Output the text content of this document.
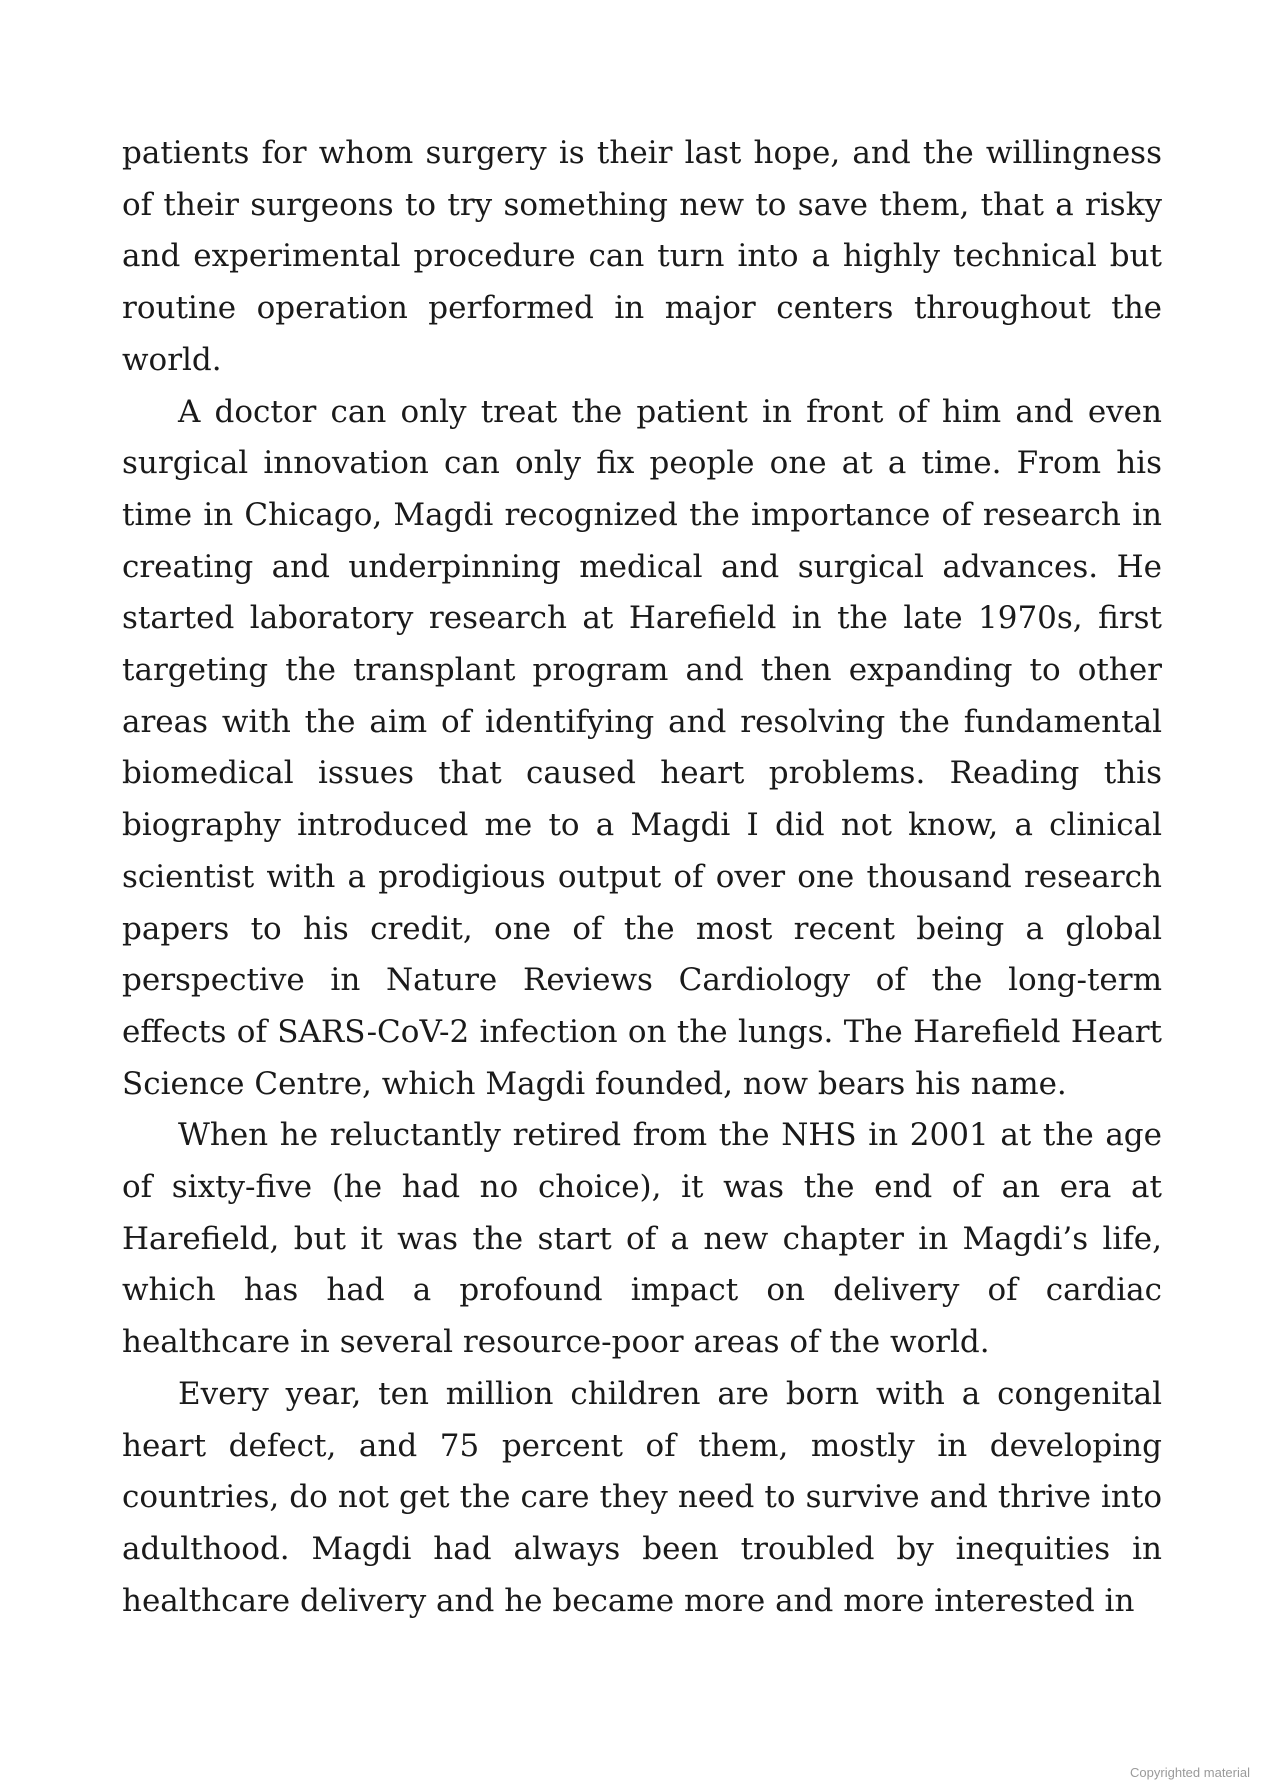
patients for whom surgery is their last hope, and the willingness of their surgeons to try something new to save them, that a risky and experimental procedure can turn into a highly technical but routine operation performed in major centers throughout the world.

A doctor can only treat the patient in front of him and even surgical innovation can only fix people one at a time. From his time in Chicago, Magdi recognized the importance of research in creating and underpinning medical and surgical advances. He started laboratory research at Harefield in the late 1970s, first targeting the transplant program and then expanding to other areas with the aim of identifying and resolving the fundamental biomedical issues that caused heart problems. Reading this biography introduced me to a Magdi I did not know, a clinical scientist with a prodigious output of over one thousand research papers to his credit, one of the most recent being a global perspective in Nature Reviews Cardiology of the long-term effects of SARS-CoV-2 infection on the lungs. The Harefield Heart Science Centre, which Magdi founded, now bears his name.

When he reluctantly retired from the NHS in 2001 at the age of sixty-five (he had no choice), it was the end of an era at Harefield, but it was the start of a new chapter in Magdi’s life, which has had a profound impact on delivery of cardiac healthcare in several resource-poor areas of the world.

Every year, ten million children are born with a congenital heart defect, and 75 percent of them, mostly in developing countries, do not get the care they need to survive and thrive into adulthood. Magdi had always been troubled by inequities in healthcare delivery and he became more and more interested in

Copyrighted material
